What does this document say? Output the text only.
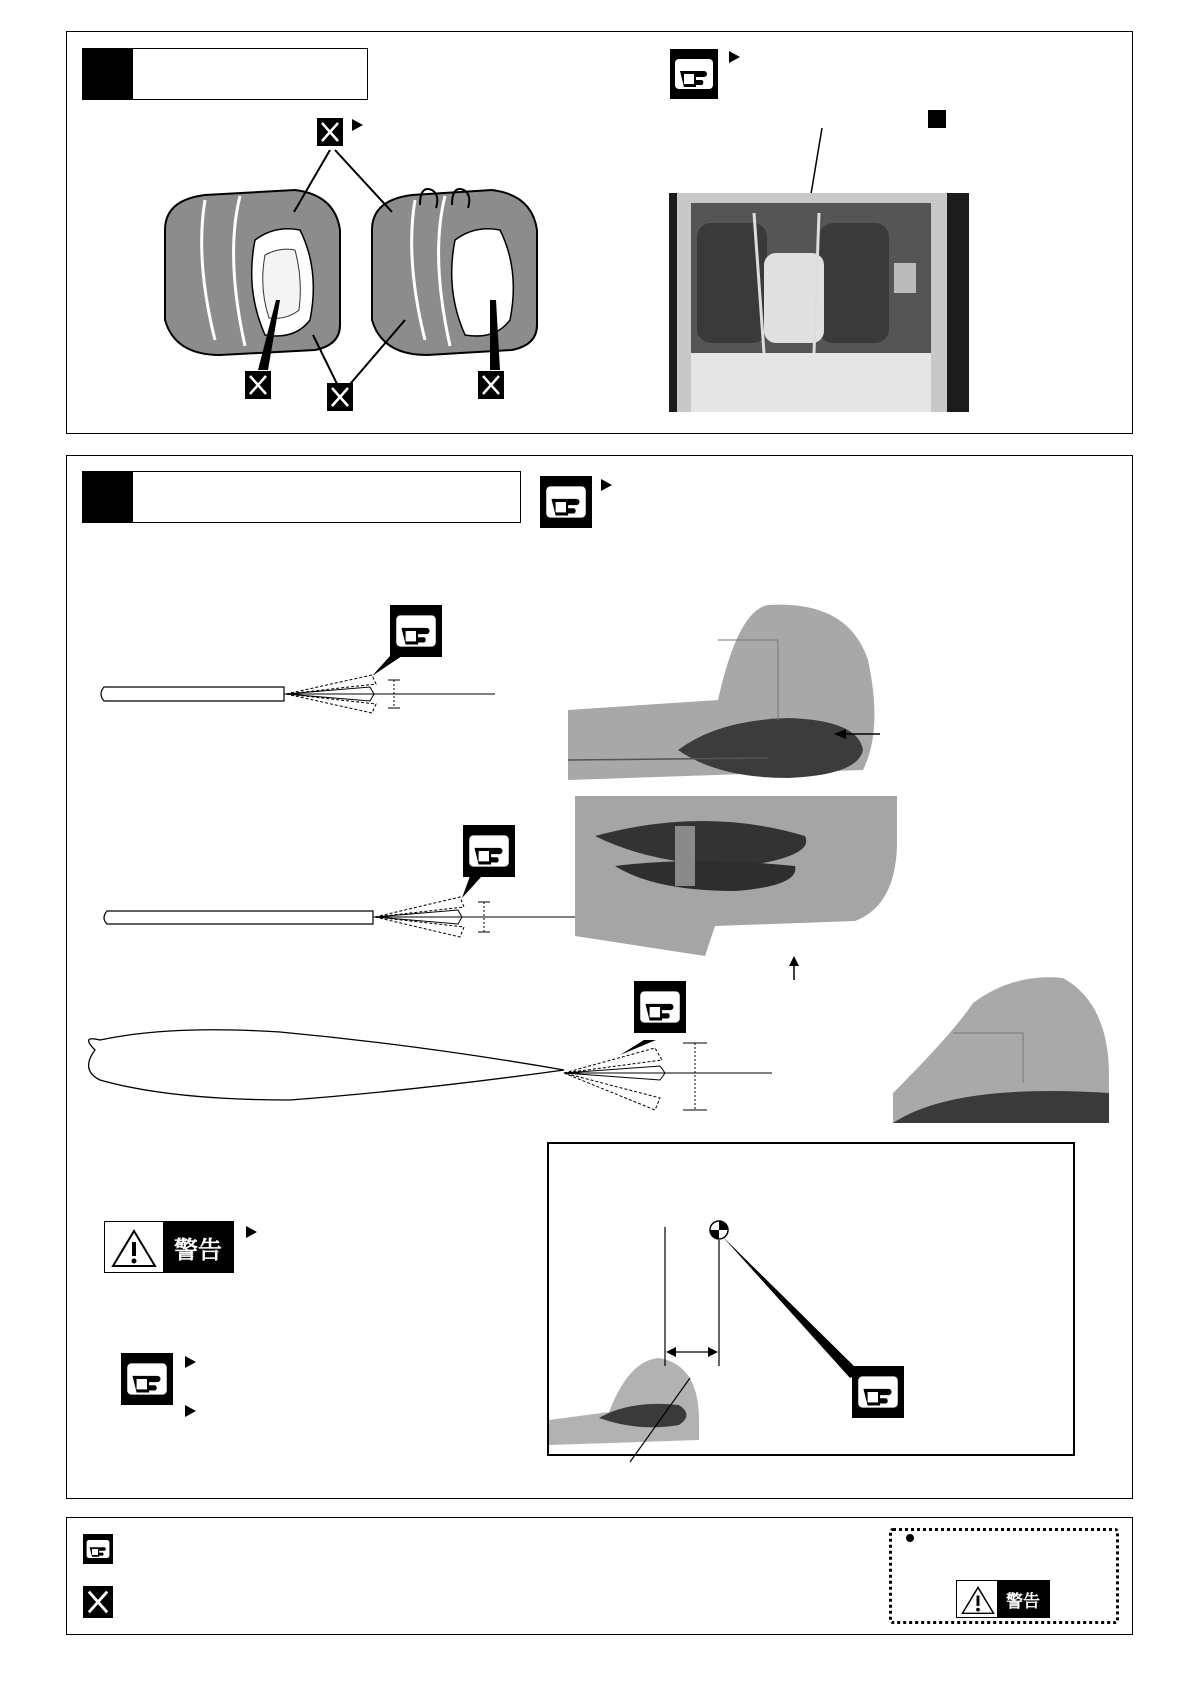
警告
警告
